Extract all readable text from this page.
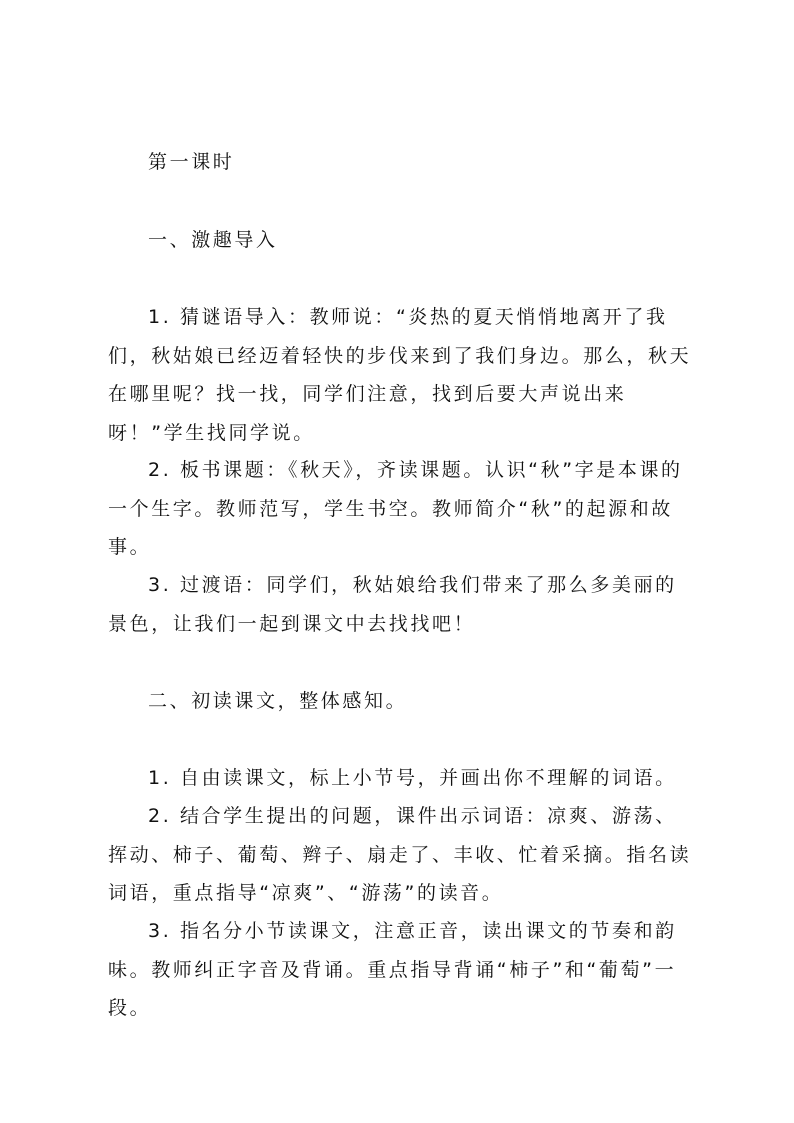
第一课时

一、激趣导入

1. 猜谜语导入：教师说：“炎热的夏天悄悄地离开了我们，秋姑娘已经迈着轻快的步伐来到了我们身边。那么，秋天在哪里呢？找一找，同学们注意，找到后要大声说出来呀！”学生找同学说。

2. 板书课题：《秋天》，齐读课题。认识“秋”字是本课的一个生字。教师范写，学生书空。教师简介“秋”的起源和故事。

3. 过渡语：同学们，秋姑娘给我们带来了那么多美丽的景色，让我们一起到课文中去找找吧！

二、初读课文，整体感知。

1. 自由读课文，标上小节号，并画出你不理解的词语。

2. 结合学生提出的问题，课件出示词语：凉爽、游荡、挥动、柿子、葡萄、辫子、扇走了、丰收、忙着采摘。指名读词语，重点指导“凉爽”、“游荡”的读音。

3. 指名分小节读课文，注意正音，读出课文的节奏和韵味。教师纠正字音及背诵。重点指导背诵“柿子”和“葡萄”一段。
